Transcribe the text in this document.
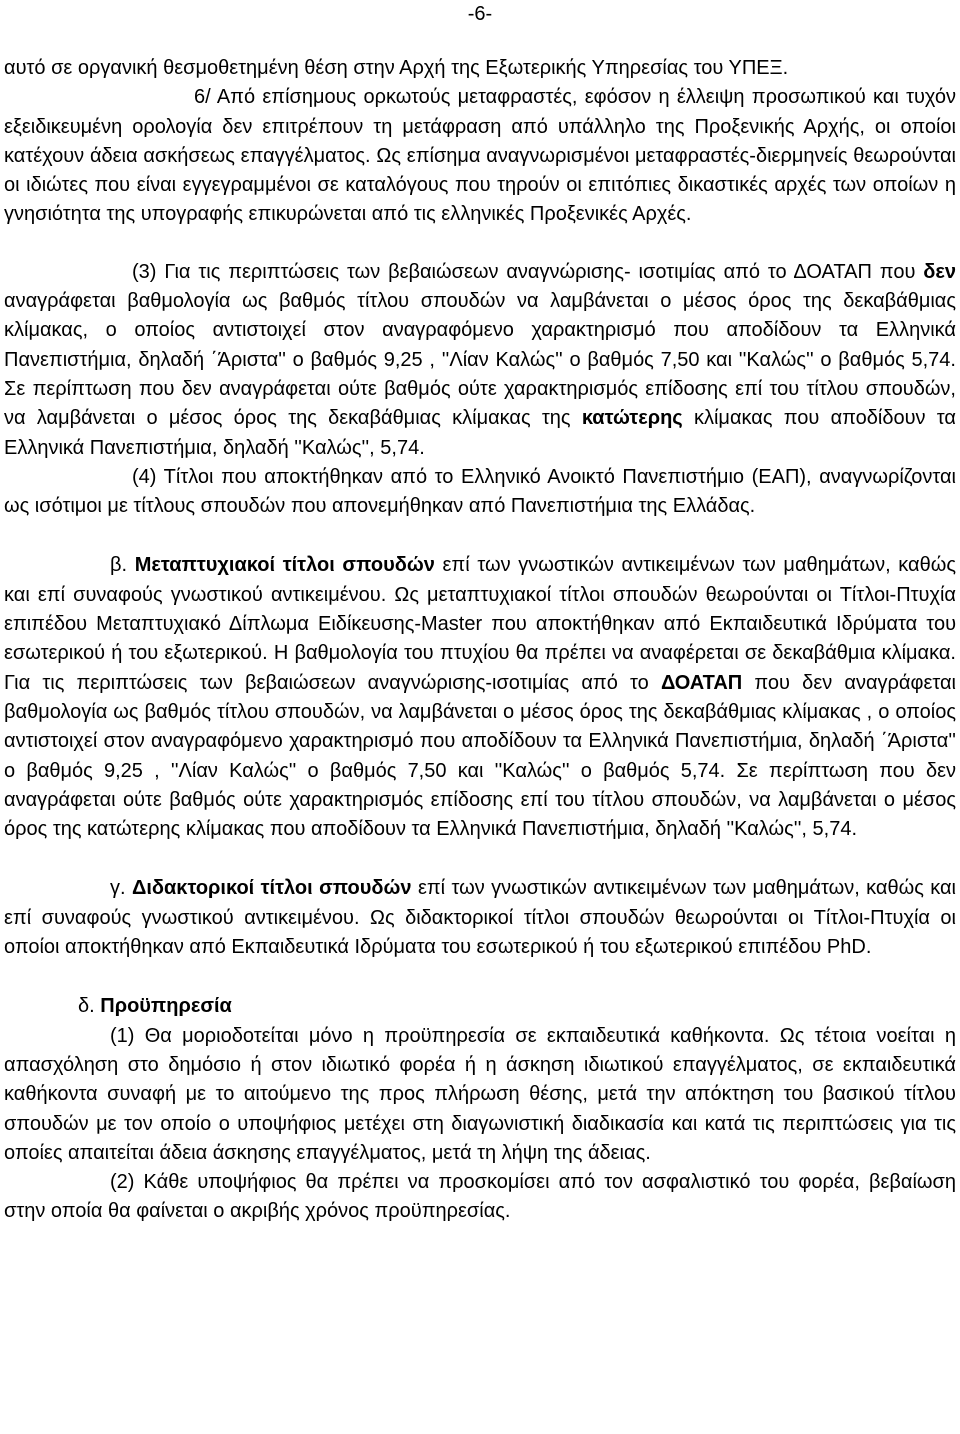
-6-

αυτό σε οργανική θεσμοθετημένη θέση στην Αρχή της Εξωτερικής Υπηρεσίας του ΥΠΕΞ.

6/ Από επίσημους ορκωτούς μεταφραστές, εφόσον η έλλειψη προσωπικού και τυχόν εξειδικευμένη ορολογία δεν επιτρέπουν τη μετάφραση από υπάλληλο της Προξενικής Αρχής, οι οποίοι κατέχουν άδεια ασκήσεως επαγγέλματος. Ως επίσημα αναγνωρισμένοι μεταφραστές-διερμηνείς θεωρούνται οι ιδιώτες που είναι εγγεγραμμένοι σε καταλόγους που τηρούν οι επιτόπιες δικαστικές αρχές των οποίων η γνησιότητα της υπογραφής επικυρώνεται από τις ελληνικές Προξενικές Αρχές.

(3) Για τις περιπτώσεις των βεβαιώσεων αναγνώρισης- ισοτιμίας από το ΔΟΑΤΑΠ που δεν αναγράφεται βαθμολογία ως βαθμός τίτλου σπουδών να λαμβάνεται ο μέσος όρος της δεκαβάθμιας κλίμακας, ο οποίος αντιστοιχεί στον αναγραφόμενο χαρακτηρισμό που αποδίδουν τα Ελληνικά Πανεπιστήμια, δηλαδή ΄Άριστα'' ο βαθμός 9,25 , ''Λίαν Καλώς'' ο βαθμός 7,50 και ''Καλώς'' ο βαθμός 5,74. Σε περίπτωση που δεν αναγράφεται ούτε βαθμός ούτε χαρακτηρισμός επίδοσης επί του τίτλου σπουδών, να λαμβάνεται ο μέσος όρος της δεκαβάθμιας κλίμακας της κατώτερης κλίμακας που αποδίδουν τα Ελληνικά Πανεπιστήμια, δηλαδή ''Καλώς'', 5,74.

(4) Τίτλοι που αποκτήθηκαν από το Ελληνικό Ανοικτό Πανεπιστήμιο (ΕΑΠ), αναγνωρίζονται ως ισότιμοι με τίτλους σπουδών που απονεμήθηκαν από Πανεπιστήμια της Ελλάδας.

β. Μεταπτυχιακοί τίτλοι σπουδών επί των γνωστικών αντικειμένων των μαθημάτων, καθώς και επί συναφούς γνωστικού αντικειμένου. Ως μεταπτυχιακοί τίτλοι σπουδών θεωρούνται οι Τίτλοι-Πτυχία επιπέδου Μεταπτυχιακό Δίπλωμα Ειδίκευσης-Master που αποκτήθηκαν από Εκπαιδευτικά Ιδρύματα του εσωτερικού ή του εξωτερικού. Η βαθμολογία του πτυχίου θα πρέπει να αναφέρεται σε δεκαβάθμια κλίμακα. Για τις περιπτώσεις των βεβαιώσεων αναγνώρισης-ισοτιμίας από το ΔΟΑΤΑΠ που δεν αναγράφεται βαθμολογία ως βαθμός τίτλου σπουδών, να λαμβάνεται ο μέσος όρος της δεκαβάθμιας κλίμακας , ο οποίος αντιστοιχεί στον αναγραφόμενο χαρακτηρισμό που αποδίδουν τα Ελληνικά Πανεπιστήμια, δηλαδή ΄Άριστα'' ο βαθμός 9,25 , ''Λίαν Καλώς'' ο βαθμός 7,50 και ''Καλώς'' ο βαθμός 5,74. Σε περίπτωση που δεν αναγράφεται ούτε βαθμός ούτε χαρακτηρισμός επίδοσης επί του τίτλου σπουδών, να λαμβάνεται ο μέσος όρος της κατώτερης κλίμακας που αποδίδουν τα Ελληνικά Πανεπιστήμια, δηλαδή ''Καλώς'', 5,74.

γ. Διδακτορικοί τίτλοι σπουδών επί των γνωστικών αντικειμένων των μαθημάτων, καθώς και επί συναφούς γνωστικού αντικειμένου. Ως διδακτορικοί τίτλοι σπουδών θεωρούνται οι Τίτλοι-Πτυχία οι οποίοι αποκτήθηκαν από Εκπαιδευτικά Ιδρύματα του εσωτερικού ή του εξωτερικού επιπέδου PhD.

δ. Προϋπηρεσία

(1) Θα μοριοδοτείται μόνο η προϋπηρεσία σε εκπαιδευτικά καθήκοντα. Ως τέτοια νοείται η απασχόληση στο δημόσιο ή στον ιδιωτικό φορέα ή η άσκηση ιδιωτικού επαγγέλματος, σε εκπαιδευτικά καθήκοντα συναφή με το αιτούμενο της προς πλήρωση θέσης, μετά την απόκτηση του βασικού τίτλου σπουδών με τον οποίο ο υποψήφιος μετέχει στη διαγωνιστική διαδικασία και κατά τις περιπτώσεις για τις οποίες απαιτείται άδεια άσκησης επαγγέλματος, μετά τη λήψη της άδειας.

(2) Κάθε υποψήφιος θα πρέπει να προσκομίσει από τον ασφαλιστικό του φορέα, βεβαίωση στην οποία θα φαίνεται ο ακριβής χρόνος προϋπηρεσίας.
